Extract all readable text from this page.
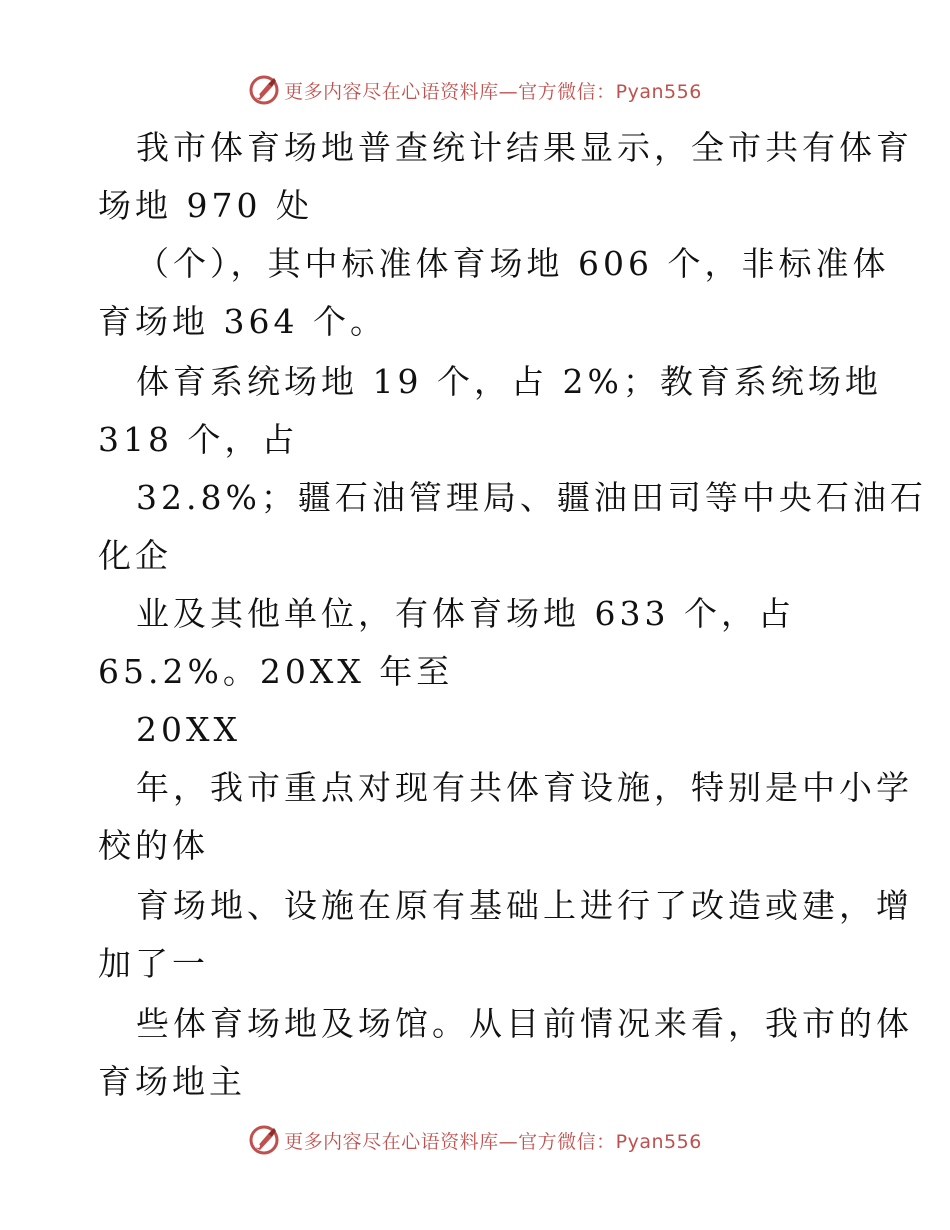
更多内容尽在心语资料库—官方微信：Pyan556
我市体育场地普查统计结果显示，全市共有体育
场地 970 处
（个），其中标准体育场地 606 个，非标准体
育场地 364 个。
体育系统场地 19 个，占 2%；教育系统场地
318 个，占
32.8%；疆石油管理局、疆油田司等中央石油石
化企
业及其他单位，有体育场地 633 个，占
65.2%。20XX 年至
20XX
年，我市重点对现有共体育设施，特别是中小学
校的体
育场地、设施在原有基础上进行了改造或建，增
加了一
些体育场地及场馆。从目前情况来看，我市的体
育场地主
更多内容尽在心语资料库—官方微信：Pyan556
